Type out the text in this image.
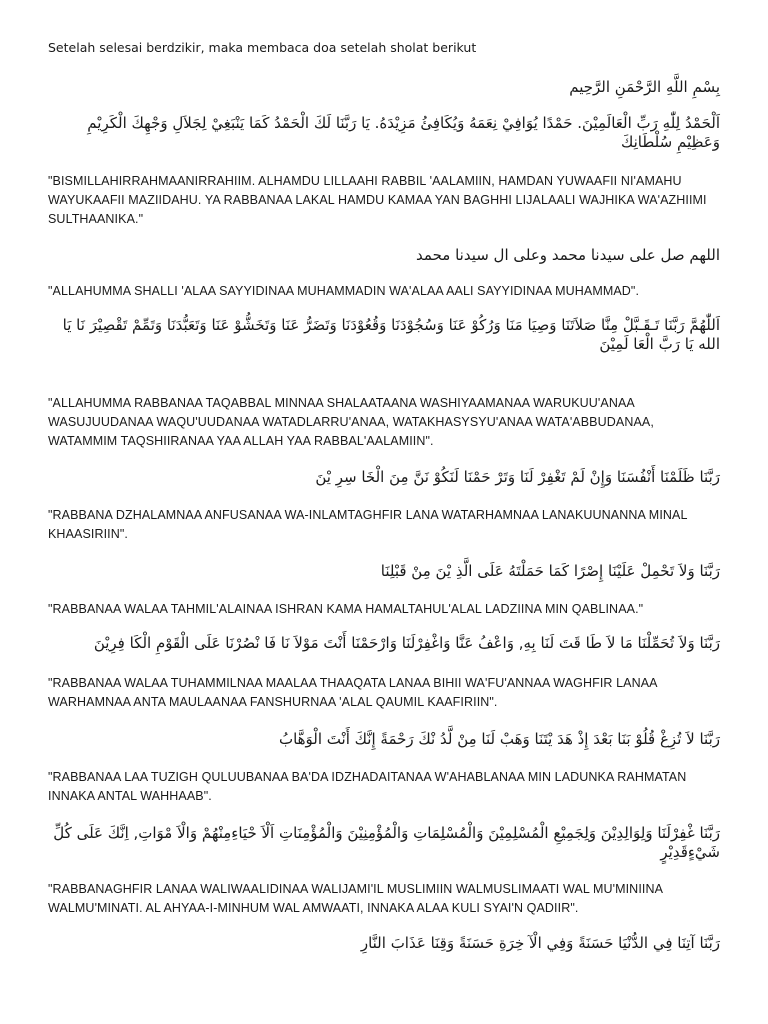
Setelah selesai berdzikir, maka membaca doa setelah sholat berikut

بِسْمِ اللَّهِ الرَّحْمَنِ الرَّحِيم

اَلْحَمْدُ لِلّٰهِ رَبِّ الْعَالَمِيْنَ. حَمْدًا يُوَافِيْ نِعَمَهُ وَيُكَافِئُ مَزِيْدَهُ. يَا رَبَّنَا لَكَ الْحَمْدُ كَمَا يَنْبَغِيْ لِجَلاَلِ وَجْهِكَ الْكَرِيْمِ وَعَظِيْمِ سُلْطَانِكَ

"BISMILLAHIRRAHMAANIRRAHIIM. ALHAMDU LILLAAHI RABBIL 'AALAMIIN, HAMDAN YUWAAFII NI'AMAHU WAYUKAAFII MAZIIDAHU. YA RABBANAA LAKAL HAMDU KAMAA YAN BAGHHI LIJALAALI WAJHIKA WA'AZHIIMI SULTHAANIKA."

اللهم صل على سيدنا محمد وعلى ال سيدنا محمد

"ALLAHUMMA SHALLI 'ALAA SAYYIDINAA MUHAMMADIN WA'ALAA AALI SAYYIDINAA MUHAMMAD".

اَللّٰهُمَّ رَبَّنَا تَـقَـبَّلْ مِنَّا صَلاَتَنَا وَصِيَا مَنَا وَرُكُوْ عَنَا وَسُجُوْدَنَا وَقُعُوْدَنَا وَتَضَرُّ عَنَا وَتَخَشُّوْ عَنَا وَتَعَبُّدَنَا وَتَمِّمْ تَقْصِيْرَ نَا يَا الله يَا رَبَّ الْعَا لَمِيْنَ

"ALLAHUMMA RABBANAA TAQABBAL MINNAA SHALAATAANA WASHIYAAMANAA WARUKUU'ANAA WASUJUUDANAA WAQU'UUDANAA WATADLARRU'ANAA, WATAKHASYSYU'ANAA WATA'ABBUDANAA, WATAMMIM TAQSHIIRANAA YAA ALLAH YAA RABBAL'AALAMIIN".

رَبَّنَا ظَلَمْنَا أَنْفُسَنَا وَإِنْ لَمْ تَغْفِرْ لَنَا وَتَرْ حَمْنَا لَنَكُوْ نَنَّ مِنَ الْخَا سِرِ يْنَ

"RABBANA DZHALAMNAA ANFUSANAA WA-INLAMTAGHFIR LANA WATARHAMNAA LANAKUUNANNA MINAL KHAASIRIIN".

رَبَّنَا وَلاَ تَحْمِلْ عَلَيْنَا إِصْرًا كَمَا حَمَلْتَهُ عَلَى الَّذِ يْنَ مِنْ قَبْلِنَا

"RABBANAA WALAA TAHMIL'ALAINAA ISHRAN KAMA HAMALTAHUL'ALAL LADZIINA MIN QABLINAA."

رَبَّنَا وَلاَ تُحَمِّلْنَا مَا لاَ طَا قَتَ لَنَا بِهِ, وَاعْفُ عَنَّا وَاغْفِرْلَنَا وَارْحَمْنَا أَنْتَ مَوْلاَ نَا فَا نْصُرْنَا عَلَى الْقَوْمِ الْكَا فِرِيْنَ

"RABBANAA WALAA TUHAMMILNAA MAALAA THAAQATA LANAA BIHII WA'FU'ANNAA WAGHFIR LANAA WARHAMNAA ANTA MAULAANAA FANSHURNAA 'ALAL QAUMIL KAAFIRIIN".

رَبَّنَا لاَ تُزِغْ قُلُوْ بَنَا بَعْدَ إِذْ هَدَ يْتَنَا وَهَبْ لَنَا مِنْ لَّدُ نْكَ رَحْمَةً إِنَّكَ أَنْتَ الْوَهَّابُ

"RABBANAA LAA TUZIGH QULUUBANAA BA'DA IDZHADAITANAA W'AHABLANAA MIN LADUNKA RAHMATAN INNAKA ANTAL WAHHAAB".

رَبَّنَا غْفِرْلَنَا وَلِوَالِدِيْنَ وَلِجَمِيْعِ الْمُسْلِمِيْنَ وَالْمُسْلِمَاتِ وَالْمُؤْمِنِيْنَ وَالْمُؤْمِنَاتِ اَلْاَ حْيَاءِمِنْهُمْ وَالْاَ مْوَاتِ, اِنَّكَ عَلَى كُلِّ شَيْءٍقَدِيْرٍ

"RABBANAGHFIR LANAA WALIWAALIDINAA WALIJAMI'IL MUSLIMIIN WALMUSLIMAATI WAL MU'MINIINA WALMU'MINATI. AL AHYAA-I-MINHUM WAL AMWAATI, INNAKA ALAA KULI SYAI'N QADIIR".

رَبَّنَا آتِنَا فِي الدُّنْيَا حَسَنَةً وَفِي الْآ خِرَةِ حَسَنَةً وَقِنَا عَذَابَ النَّارِ
